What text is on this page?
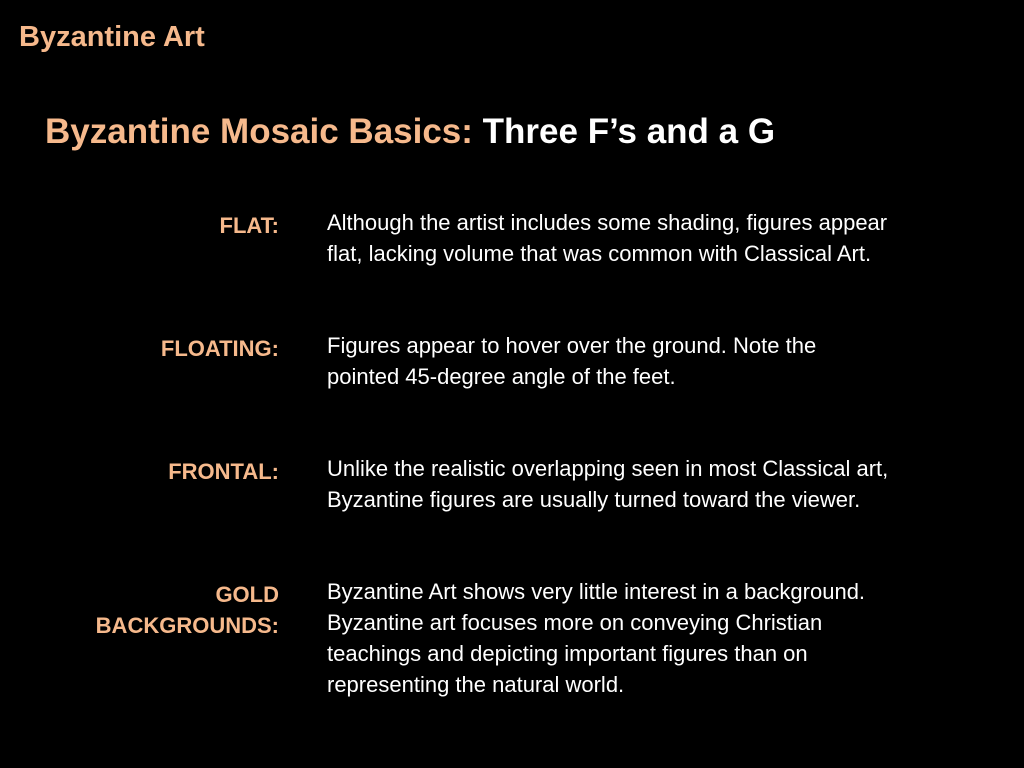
Byzantine Art
Byzantine Mosaic Basics: Three F’s and a G
FLAT: Although the artist includes some shading, figures appear
flat, lacking volume that was common with Classical Art.
FLOATING: Figures appear to hover over the ground. Note the
pointed 45-degree angle of the feet.
FRONTAL: Unlike the realistic overlapping seen in most Classical art,
Byzantine figures are usually turned toward the viewer.
GOLD
BACKGROUNDS:
Byzantine Art shows very little interest in a background.
Byzantine art focuses more on conveying Christian
teachings and depicting important figures than on
representing the natural world.
